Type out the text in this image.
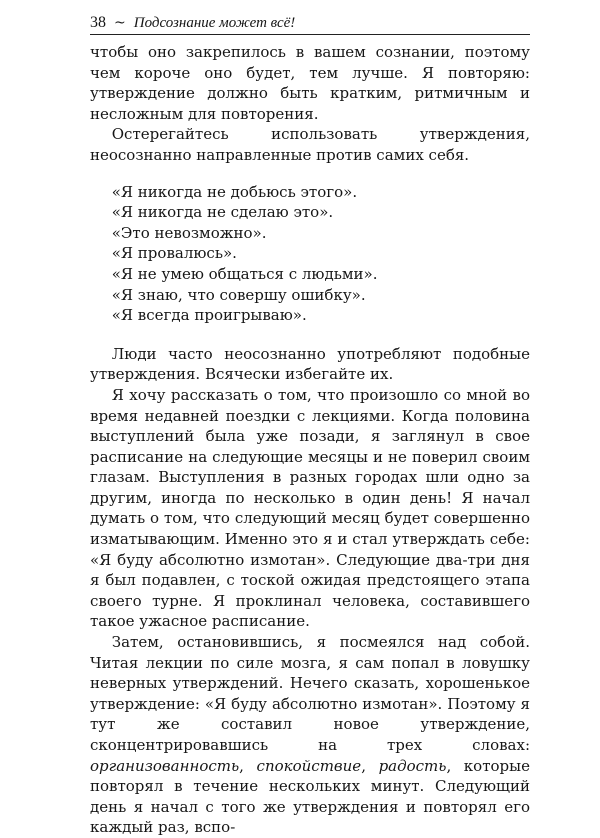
38 ~ Подсознание может всё!

чтобы оно закрепилось в вашем сознании, поэтому чем короче оно будет, тем лучше. Я повторяю: утверждение должно быть кратким, ритмичным и несложным для повторения.

Остерегайтесь использовать утверждения, неосознанно направленные против самих себя.

«Я никогда не добьюсь этого».
«Я никогда не сделаю это».
«Это невозможно».
«Я провалюсь».
«Я не умею общаться с людьми».
«Я знаю, что совершу ошибку».
«Я всегда проигрываю».

Люди часто неосознанно употребляют подобные утверждения. Всячески избегайте их.

Я хочу рассказать о том, что произошло со мной во время недавней поездки с лекциями. Когда половина выступлений была уже позади, я заглянул в свое расписание на следующие месяцы и не поверил своим глазам. Выступления в разных городах шли одно за другим, иногда по несколько в один день! Я начал думать о том, что следующий месяц будет совершенно изматывающим. Именно это я и стал утверждать себе: «Я буду абсолютно измотан». Следующие два-три дня я был подавлен, с тоской ожидая предстоящего этапа своего турне. Я проклинал человека, составившего такое ужасное расписание.

Затем, остановившись, я посмеялся над собой. Читая лекции по силе мозга, я сам попал в ловушку неверных утверждений. Нечего сказать, хорошенькое утверждение: «Я буду абсолютно измотан». Поэтому я тут же составил новое утверждение, сконцентрировавшись на трех словах: организованность, спокойствие, радость, которые повторял в течение нескольких минут. Следующий день я начал с того же утверждения и повторял его каждый раз, вспо-
